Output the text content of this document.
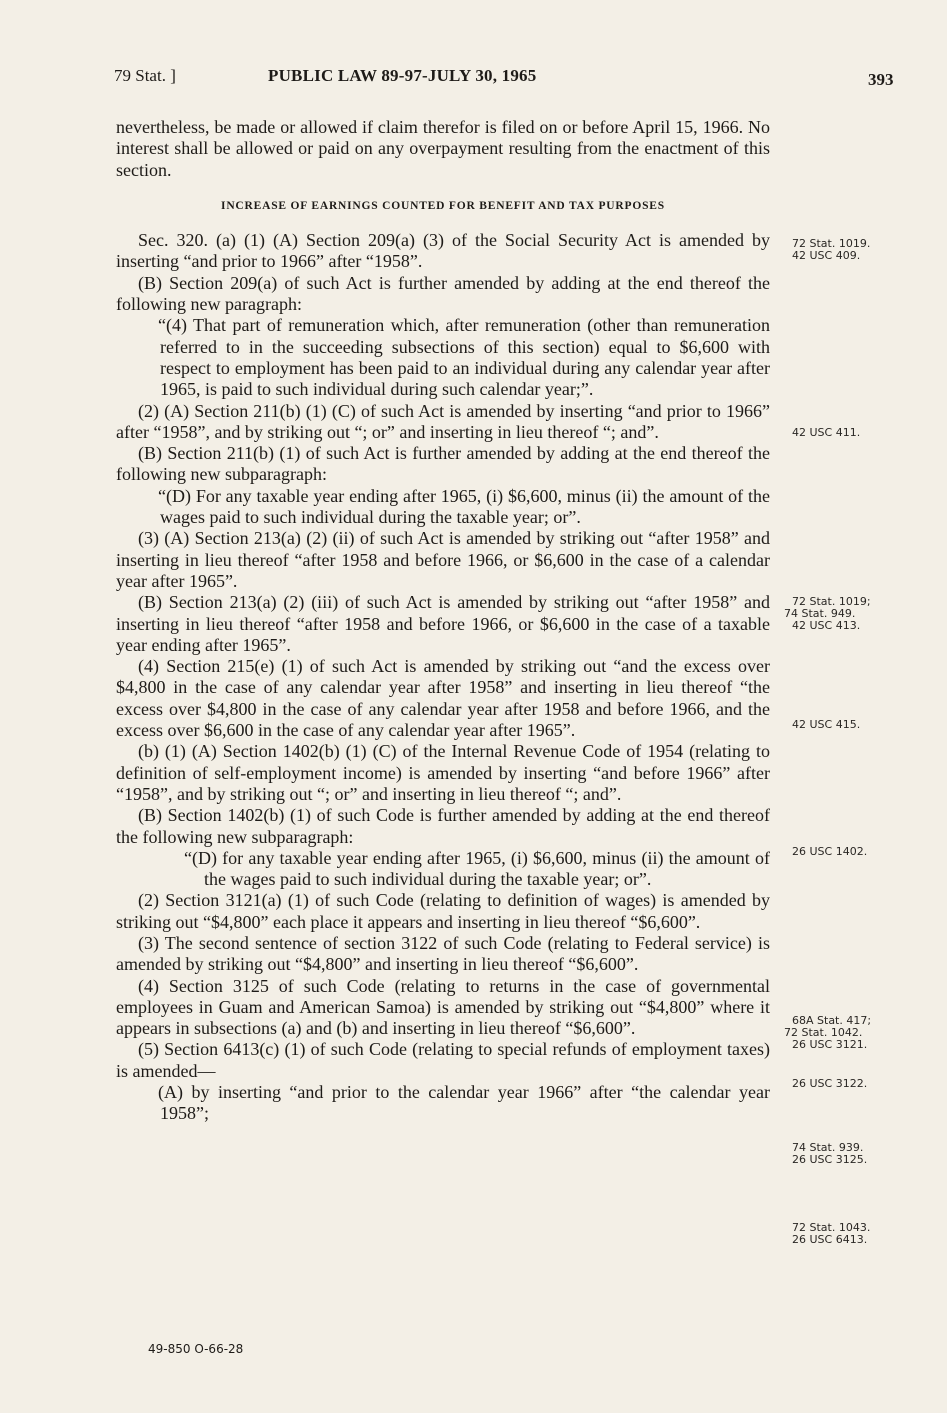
79 Stat. ]	PUBLIC LAW 89-97-JULY 30, 1965	393

nevertheless, be made or allowed if claim therefor is filed on or before April 15, 1966. No interest shall be allowed or paid on any overpayment resulting from the enactment of this section.

INCREASE OF EARNINGS COUNTED FOR BENEFIT AND TAX PURPOSES

Sec. 320. (a) (1) (A) Section 209(a) (3) of the Social Security Act is amended by inserting “and prior to 1966” after “1958”.

(B) Section 209(a) of such Act is further amended by adding at the end thereof the following new paragraph:

“(4) That part of remuneration which, after remuneration (other than remuneration referred to in the succeeding subsections of this section) equal to $6,600 with respect to employment has been paid to an individual during any calendar year after 1965, is paid to such individual during such calendar year;”.

(2) (A) Section 211(b) (1) (C) of such Act is amended by inserting “and prior to 1966” after “1958”, and by striking out “; or” and inserting in lieu thereof “; and”.

(B) Section 211(b) (1) of such Act is further amended by adding at the end thereof the following new subparagraph:

“(D) For any taxable year ending after 1965, (i) $6,600, minus (ii) the amount of the wages paid to such individual during the taxable year; or”.

(3) (A) Section 213(a) (2) (ii) of such Act is amended by striking out “after 1958” and inserting in lieu thereof “after 1958 and before 1966, or $6,600 in the case of a calendar year after 1965”.

(B) Section 213(a) (2) (iii) of such Act is amended by striking out “after 1958” and inserting in lieu thereof “after 1958 and before 1966, or $6,600 in the case of a taxable year ending after 1965”.

(4) Section 215(e) (1) of such Act is amended by striking out “and the excess over $4,800 in the case of any calendar year after 1958” and inserting in lieu thereof “the excess over $4,800 in the case of any calendar year after 1958 and before 1966, and the excess over $6,600 in the case of any calendar year after 1965”.

(b) (1) (A) Section 1402(b) (1) (C) of the Internal Revenue Code of 1954 (relating to definition of self-employment income) is amended by inserting “and before 1966” after “1958”, and by striking out “; or” and inserting in lieu thereof “; and”.

(B) Section 1402(b) (1) of such Code is further amended by adding at the end thereof the following new subparagraph:

“(D) for any taxable year ending after 1965, (i) $6,600, minus (ii) the amount of the wages paid to such individual during the taxable year; or”.

(2) Section 3121(a) (1) of such Code (relating to definition of wages) is amended by striking out “$4,800” each place it appears and inserting in lieu thereof “$6,600”.

(3) The second sentence of section 3122 of such Code (relating to Federal service) is amended by striking out “$4,800” and inserting in lieu thereof “$6,600”.

(4) Section 3125 of such Code (relating to returns in the case of governmental employees in Guam and American Samoa) is amended by striking out “$4,800” where it appears in subsections (a) and (b) and inserting in lieu thereof “$6,600”.

(5) Section 6413(c) (1) of such Code (relating to special refunds of employment taxes) is amended—

(A) by inserting “and prior to the calendar year 1966” after “the calendar year 1958”;

72 Stat. 1019.
42 USC 409.
42 USC 411.
72 Stat. 1019;
74 Stat. 949.
42 USC 413.
42 USC 415.
26 USC 1402.
68A Stat. 417;
72 Stat. 1042.
26 USC 3121.
26 USC 3122.
74 Stat. 939.
26 USC 3125.
72 Stat. 1043.
26 USC 6413.
49-850 O-66-28
